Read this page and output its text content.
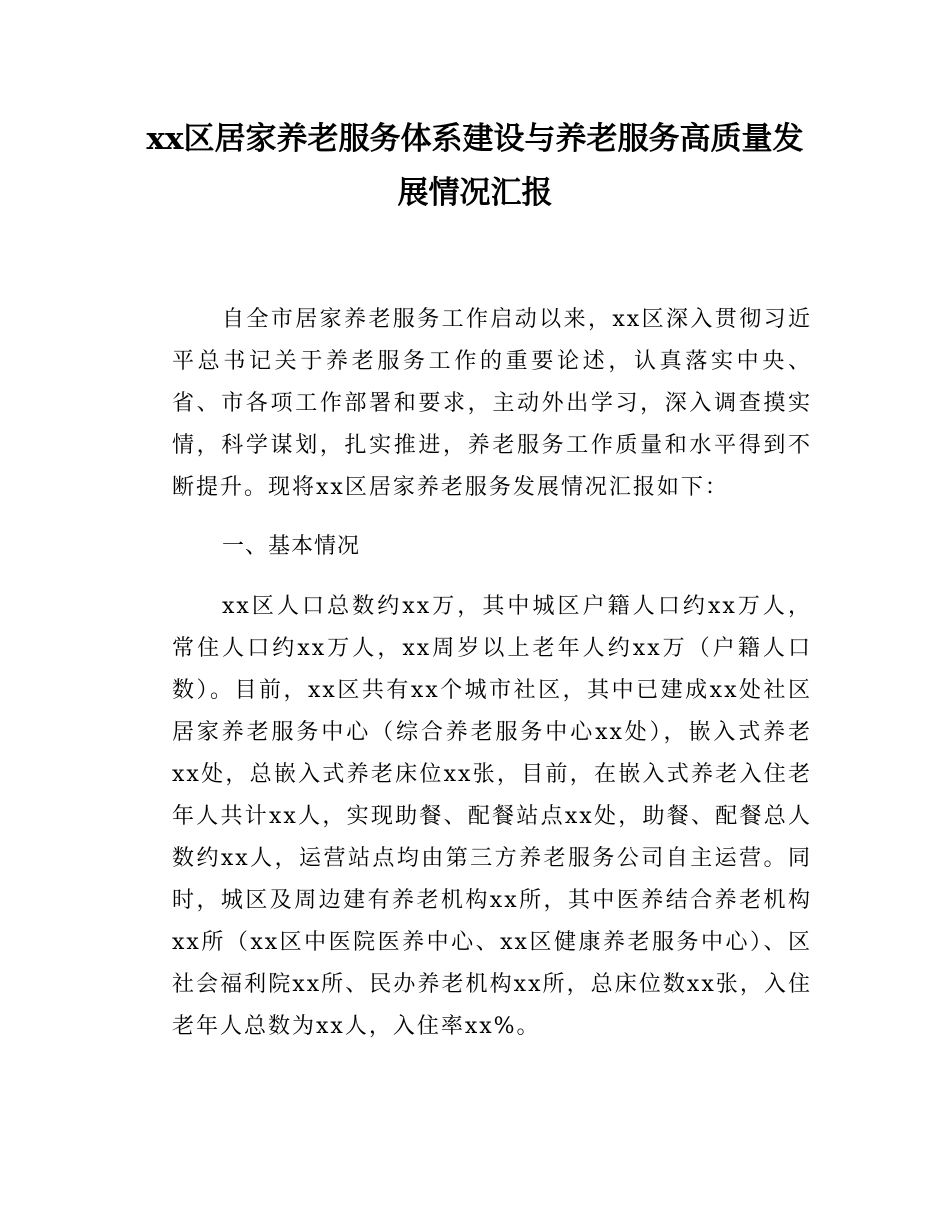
xx区居家养老服务体系建设与养老服务高质量发展情况汇报

自全市居家养老服务工作启动以来，xx区深入贯彻习近平总书记关于养老服务工作的重要论述，认真落实中央、省、市各项工作部署和要求，主动外出学习，深入调查摸实情，科学谋划，扎实推进，养老服务工作质量和水平得到不断提升。现将xx区居家养老服务发展情况汇报如下：

一、基本情况

xx区人口总数约xx万，其中城区户籍人口约xx万人，常住人口约xx万人，xx周岁以上老年人约xx万（户籍人口数）。目前，xx区共有xx个城市社区，其中已建成xx处社区居家养老服务中心（综合养老服务中心xx处），嵌入式养老xx处，总嵌入式养老床位xx张，目前，在嵌入式养老入住老年人共计xx人，实现助餐、配餐站点xx处，助餐、配餐总人数约xx人，运营站点均由第三方养老服务公司自主运营。同时，城区及周边建有养老机构xx所，其中医养结合养老机构xx所（xx区中医院医养中心、xx区健康养老服务中心）、区社会福利院xx所、民办养老机构xx所，总床位数xx张，入住老年人总数为xx人，入住率xx%。
